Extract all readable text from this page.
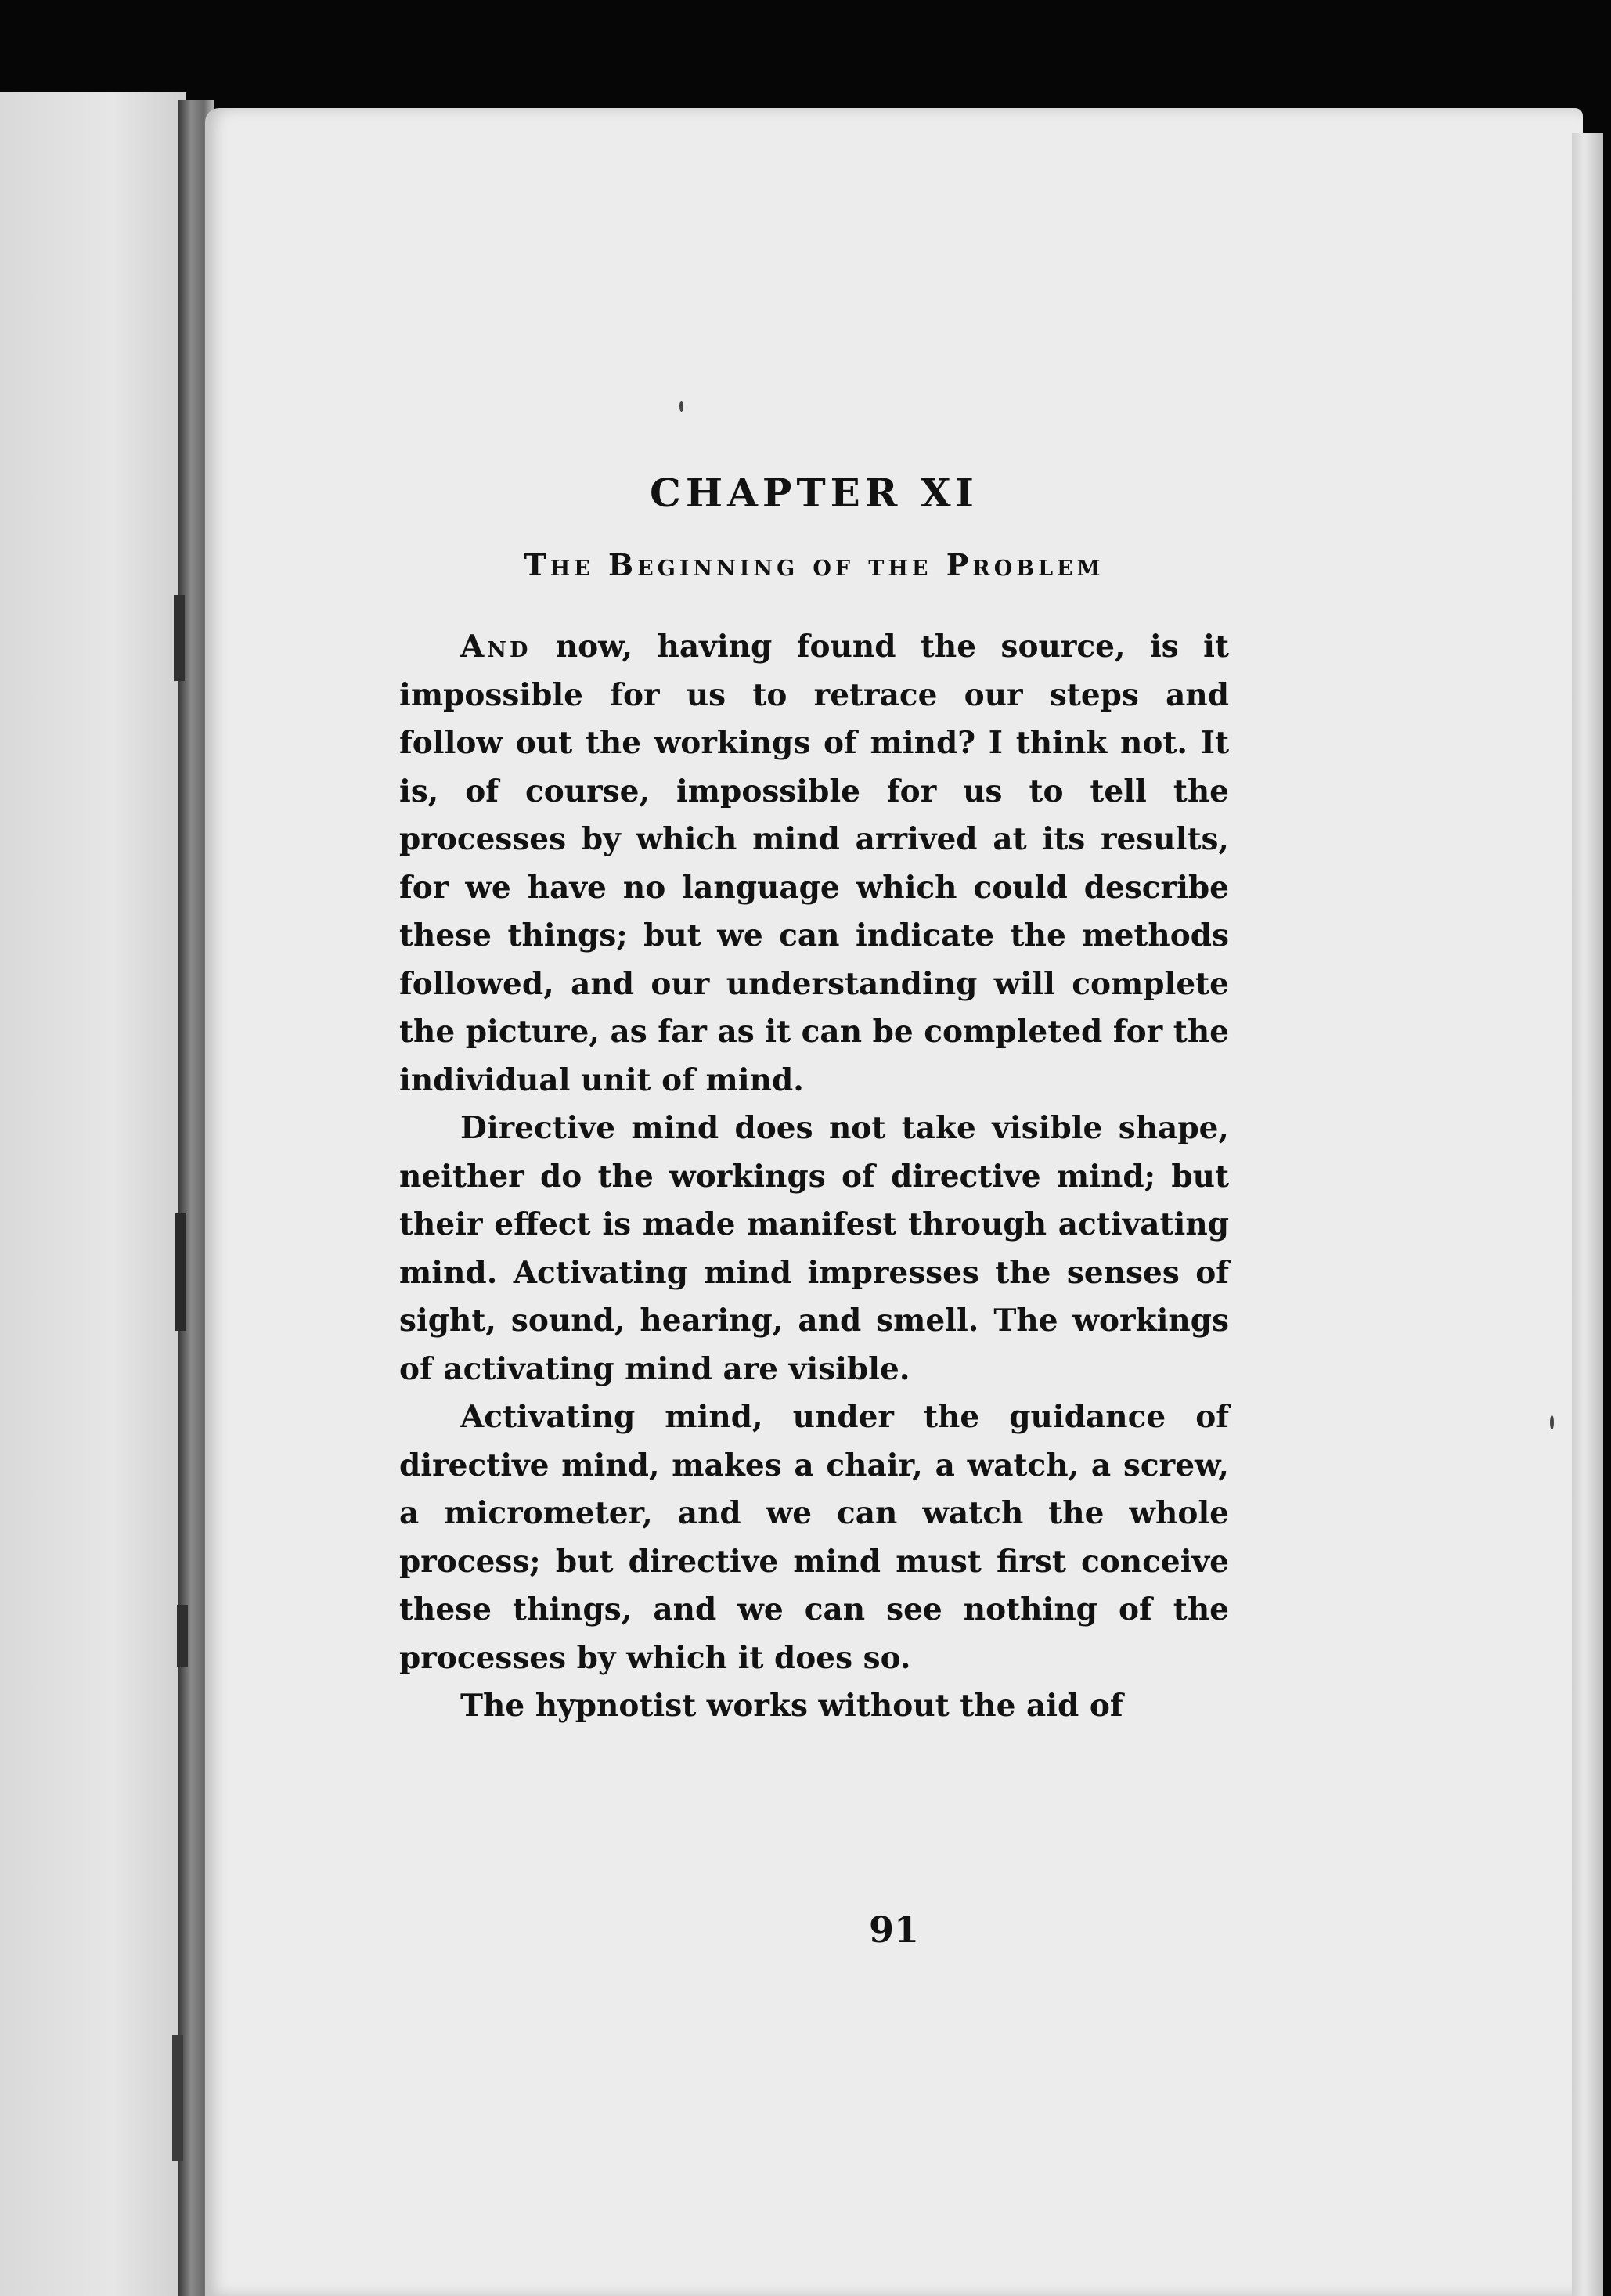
CHAPTER XI
The Beginning of the Problem

And now, having found the source, is it impossible for us to retrace our steps and follow out the workings of mind? I think not. It is, of course, impossible for us to tell the processes by which mind arrived at its results, for we have no language which could describe these things; but we can indicate the methods followed, and our understanding will complete the picture, as far as it can be completed for the individual unit of mind.

Directive mind does not take visible shape, neither do the workings of directive mind; but their effect is made manifest through activating mind. Activating mind impresses the senses of sight, sound, hearing, and smell. The workings of activating mind are visible.

Activating mind, under the guidance of directive mind, makes a chair, a watch, a screw, a micrometer, and we can watch the whole process; but directive mind must first conceive these things, and we can see nothing of the processes by which it does so.

The hypnotist works without the aid of

91
